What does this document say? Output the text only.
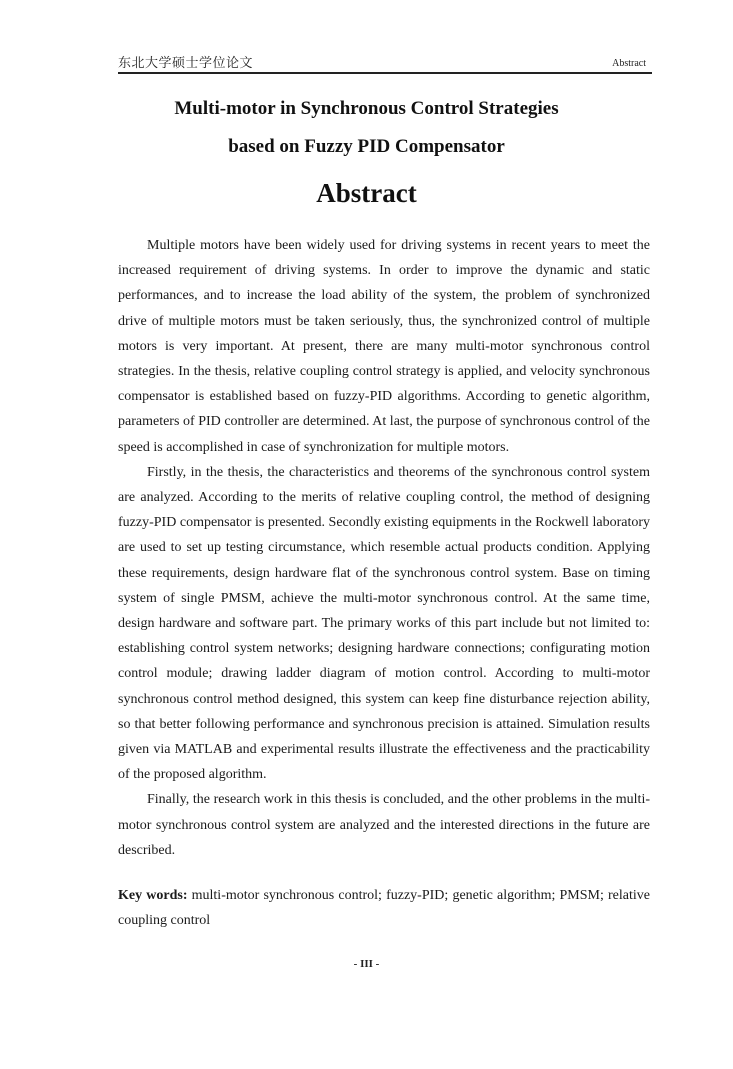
东北大学硕士学位论文	Abstract
Multi-motor in Synchronous Control Strategies
based on Fuzzy PID Compensator
Abstract

Multiple motors have been widely used for driving systems in recent years to meet the increased requirement of driving systems. In order to improve the dynamic and static performances, and to increase the load ability of the system, the problem of synchronized drive of multiple motors must be taken seriously, thus, the synchronized control of multiple motors is very important. At present, there are many multi-motor synchronous control strategies. In the thesis, relative coupling control strategy is applied, and velocity synchronous compensator is established based on fuzzy-PID algorithms. According to genetic algorithm, parameters of PID controller are determined. At last, the purpose of synchronous control of the speed is accomplished in case of synchronization for multiple motors.

Firstly, in the thesis, the characteristics and theorems of the synchronous control system are analyzed. According to the merits of relative coupling control, the method of designing fuzzy-PID compensator is presented. Secondly existing equipments in the Rockwell laboratory are used to set up testing circumstance, which resemble actual products condition. Applying these requirements, design hardware flat of the synchronous control system. Base on timing system of single PMSM, achieve the multi-motor synchronous control. At the same time, design hardware and software part. The primary works of this part include but not limited to: establishing control system networks; designing hardware connections; configurating motion control module; drawing ladder diagram of motion control. According to multi-motor synchronous control method designed, this system can keep fine disturbance rejection ability, so that better following performance and synchronous precision is attained. Simulation results given via MATLAB and experimental results illustrate the effectiveness and the practicability of the proposed algorithm.

Finally, the research work in this thesis is concluded, and the other problems in the multi-motor synchronous control system are analyzed and the interested directions in the future are described.

Key words: multi-motor synchronous control; fuzzy-PID; genetic algorithm; PMSM; relative coupling control
- III -
